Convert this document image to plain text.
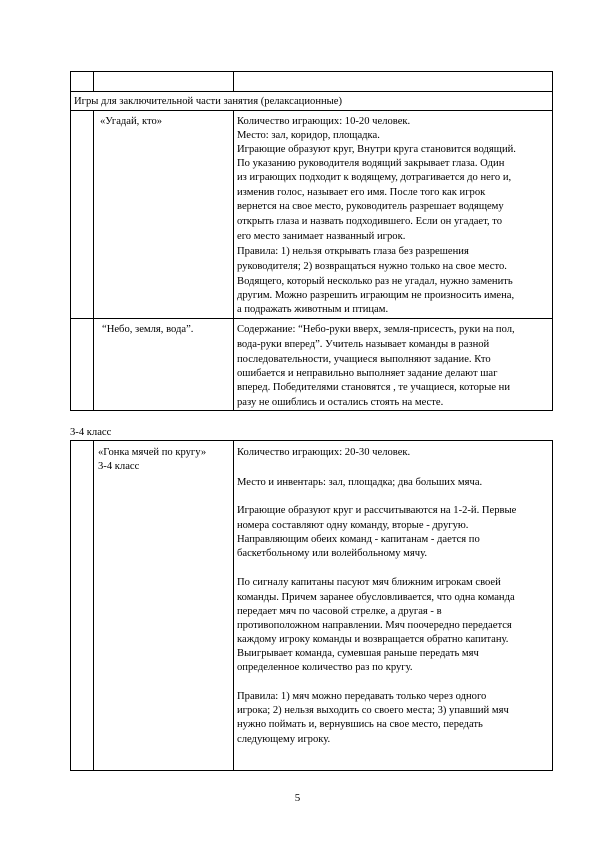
Игры для заключительной части занятия (релаксационные)
«Угадай, кто»	Количество играющих: 10-20 человек.
Место: зал, коридор, площадка.
Играющие образуют круг, Внутри круга становится водящий.
По указанию руководителя водящий закрывает глаза. Один
из играющих подходит к водящему, дотрагивается до него и,
изменив голос, называет его имя. После того как игрок
вернется на свое место, руководитель разрешает водящему
открыть глаза и назвать подходившего. Если он угадает, то
его место занимает названный игрок.
Правила: 1) нельзя открывать глаза без разрешения
руководителя; 2) возвращаться нужно только на свое место.
Водящего, который несколько раз не угадал, нужно заменить
другим. Можно разрешить играющим не произносить имена,
а подражать животным и птицам.
“Небо, земля, вода”.	Содержание: “Небо-руки вверх, земля-присесть, руки на пол,
вода-руки вперед”. Учитель называет команды в разной
последовательности, учащиеся выполняют задание. Кто
ошибается и неправильно выполняет задание делают шаг
вперед. Победителями становятся , те учащиеся, которые ни
разу не ошиблись и остались стоять на месте.
3-4 класс
«Гонка мячей по кругу»
3-4 класс
Количество играющих: 20-30 человек.
Место и инвентарь: зал, площадка; два больших мяча.
Играющие образуют круг и рассчитываются на 1-2-й. Первые
номера составляют одну команду, вторые - другую.
Направляющим обеих команд - капитанам - дается по
баскетбольному или волейбольному мячу.
По сигналу капитаны пасуют мяч ближним игрокам своей
команды. Причем заранее обусловливается, что одна команда
передает мяч по часовой стрелке, а другая - в
противоположном направлении. Мяч поочередно передается
каждому игроку команды и возвращается обратно капитану.
Выигрывает команда, сумевшая раньше передать мяч
определенное количество раз по кругу.
Правила: 1) мяч можно передавать только через одного
игрока; 2) нельзя выходить со своего места; 3) упавший мяч
нужно поймать и, вернувшись на свое место, передать
следующему игроку.
5
